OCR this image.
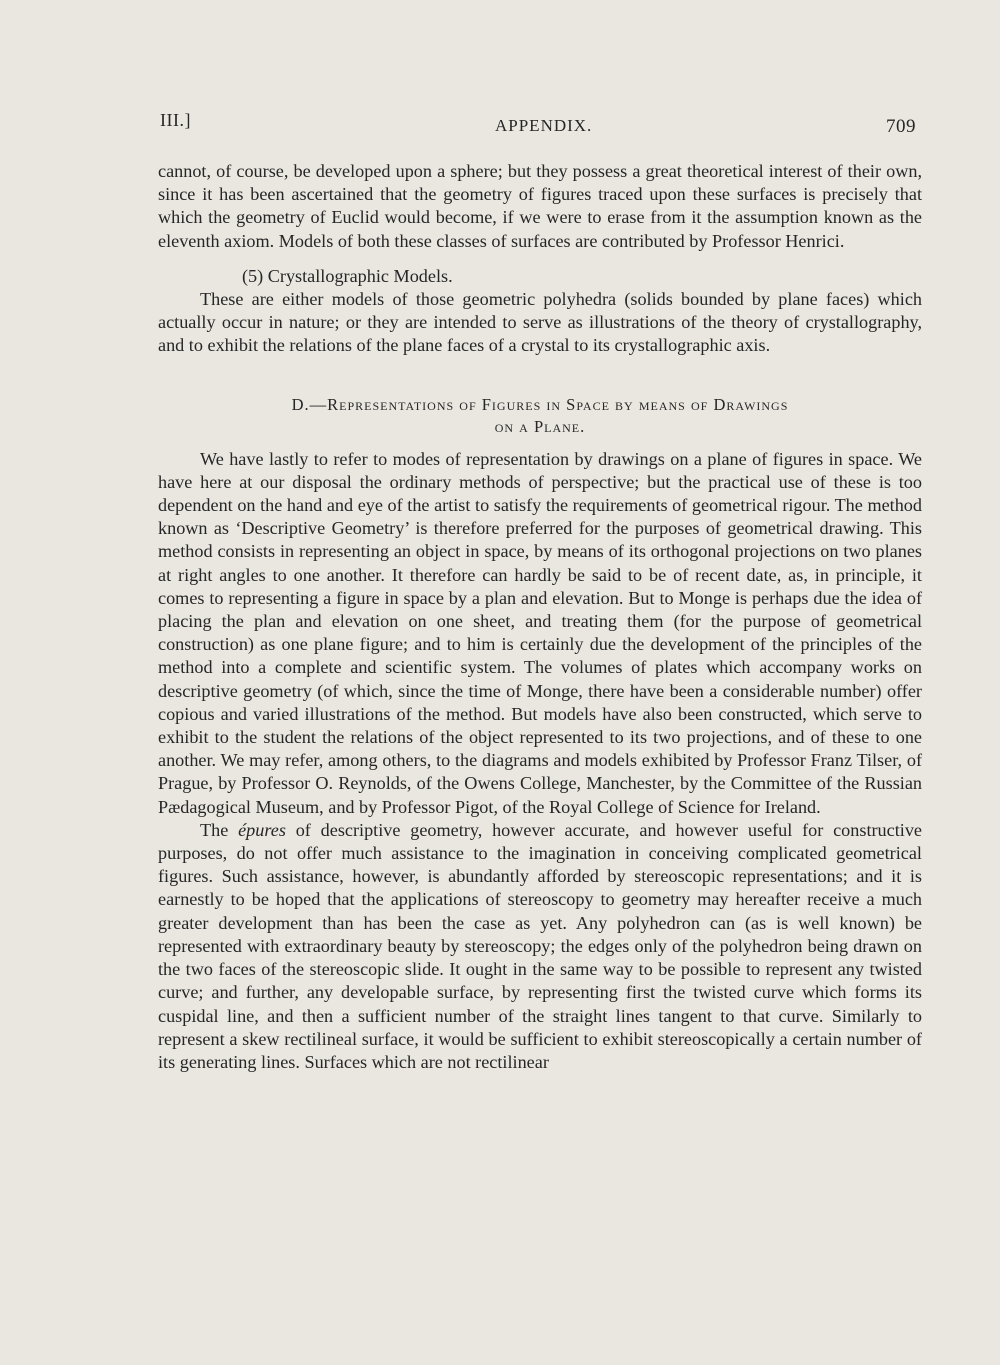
III.]	APPENDIX.	709

cannot, of course, be developed upon a sphere; but they possess a great theoretical interest of their own, since it has been ascertained that the geometry of figures traced upon these surfaces is precisely that which the geometry of Euclid would become, if we were to erase from it the assumption known as the eleventh axiom. Models of both these classes of surfaces are contributed by Professor Henrici.

(5) Crystallographic Models.

These are either models of those geometric polyhedra (solids bounded by plane faces) which actually occur in nature; or they are intended to serve as illustrations of the theory of crystallography, and to exhibit the relations of the plane faces of a crystal to its crystallographic axis.

D.—Representations of Figures in Space by means of Drawings
on a Plane.

We have lastly to refer to modes of representation by drawings on a plane of figures in space. We have here at our disposal the ordinary methods of perspective; but the practical use of these is too dependent on the hand and eye of the artist to satisfy the requirements of geometrical rigour. The method known as ‘Descriptive Geometry’ is therefore preferred for the purposes of geometrical drawing. This method consists in representing an object in space, by means of its orthogonal projections on two planes at right angles to one another. It therefore can hardly be said to be of recent date, as, in principle, it comes to representing a figure in space by a plan and elevation. But to Monge is perhaps due the idea of placing the plan and elevation on one sheet, and treating them (for the purpose of geometrical construction) as one plane figure; and to him is certainly due the development of the principles of the method into a complete and scientific system. The volumes of plates which accompany works on descriptive geometry (of which, since the time of Monge, there have been a considerable number) offer copious and varied illustrations of the method. But models have also been constructed, which serve to exhibit to the student the relations of the object represented to its two projections, and of these to one another. We may refer, among others, to the diagrams and models exhibited by Professor Franz Tilser, of Prague, by Professor O. Reynolds, of the Owens College, Manchester, by the Committee of the Russian Pædagogical Museum, and by Professor Pigot, of the Royal College of Science for Ireland.

The épures of descriptive geometry, however accurate, and however useful for constructive purposes, do not offer much assistance to the imagination in conceiving complicated geometrical figures. Such assistance, however, is abundantly afforded by stereoscopic representations; and it is earnestly to be hoped that the applications of stereoscopy to geometry may hereafter receive a much greater development than has been the case as yet. Any polyhedron can (as is well known) be represented with extraordinary beauty by stereoscopy; the edges only of the polyhedron being drawn on the two faces of the stereoscopic slide. It ought in the same way to be possible to represent any twisted curve; and further, any developable surface, by representing first the twisted curve which forms its cuspidal line, and then a sufficient number of the straight lines tangent to that curve. Similarly to represent a skew rectilineal surface, it would be sufficient to exhibit stereoscopically a certain number of its generating lines. Surfaces which are not rectilinear
